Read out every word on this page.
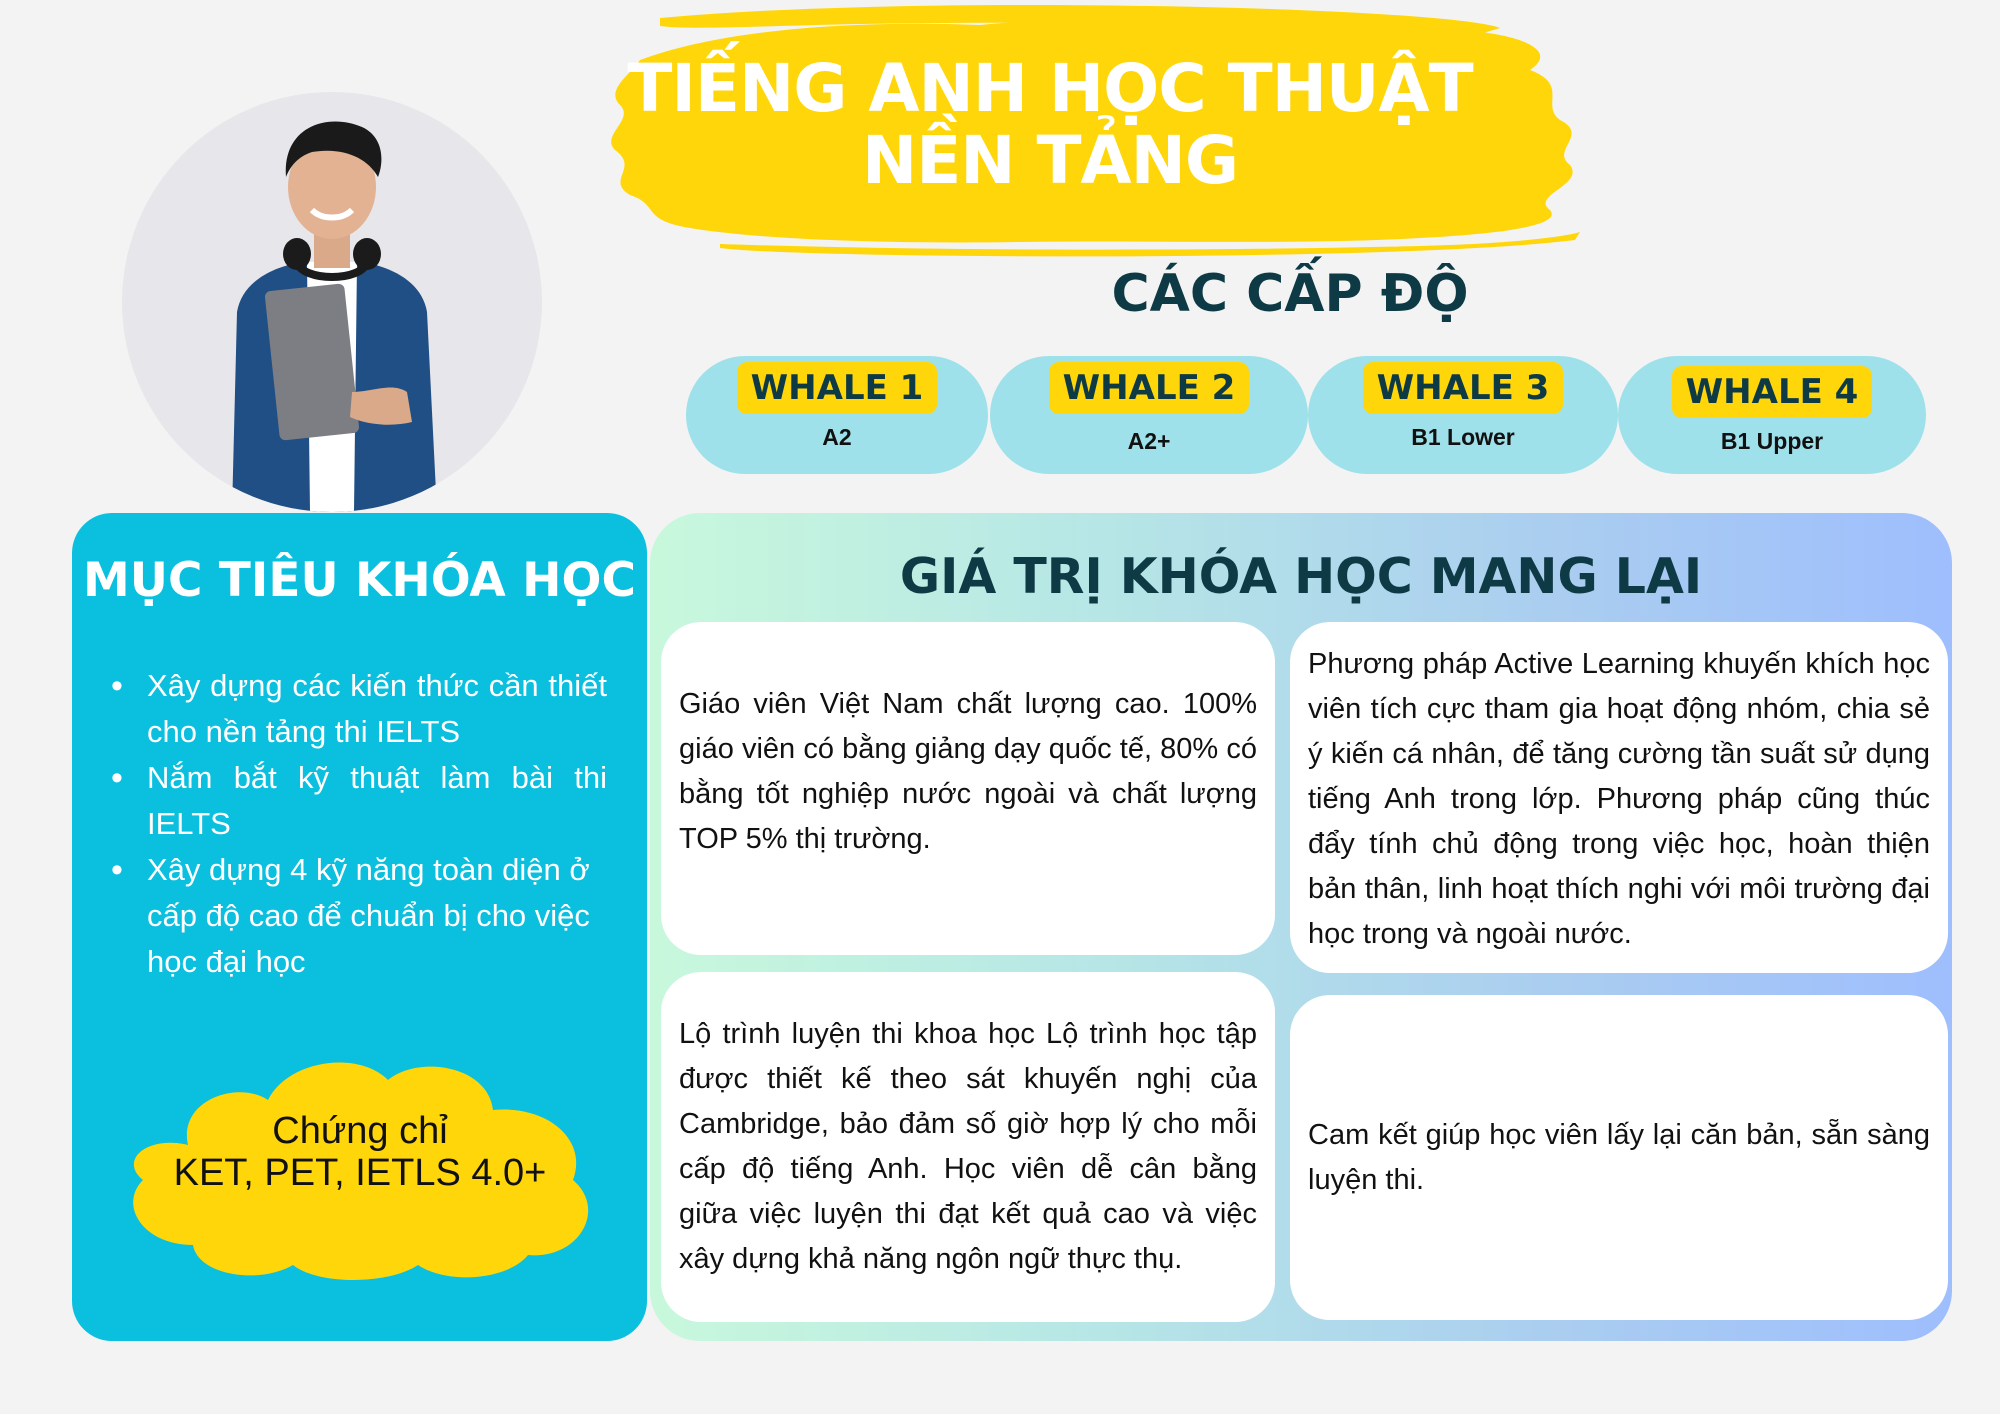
TIẾNG ANH HỌC THUẬT
NỀN TẢNG
CÁC CẤP ĐỘ
WHALE 1
A2
WHALE 2
A2+
WHALE 3
B1 Lower
WHALE 4
B1 Upper
MỤC TIÊU KHÓA HỌC
• Xây dựng các kiến thức cần thiết cho nền tảng thi IELTS
• Nắm bắt kỹ thuật làm bài thi IELTS
• Xây dựng 4 kỹ năng toàn diện ở cấp độ cao để chuẩn bị cho việc học đại học
Chứng chỉ
KET, PET, IETLS 4.0+
GIÁ TRỊ KHÓA HỌC MANG LẠI

Giáo viên Việt Nam chất lượng cao. 100% giáo viên có bằng giảng dạy quốc tế, 80% có bằng tốt nghiệp nước ngoài và chất lượng TOP 5% thị trường.

Phương pháp Active Learning khuyến khích học viên tích cực tham gia hoạt động nhóm, chia sẻ ý kiến cá nhân, để tăng cường tần suất sử dụng tiếng Anh trong lớp. Phương pháp cũng thúc đẩy tính chủ động trong việc học, hoàn thiện bản thân, linh hoạt thích nghi với môi trường đại học trong và ngoài nước.

Lộ trình luyện thi khoa học Lộ trình học tập được thiết kế theo sát khuyến nghị của Cambridge, bảo đảm số giờ hợp lý cho mỗi cấp độ tiếng Anh. Học viên dễ cân bằng giữa việc luyện thi đạt kết quả cao và việc xây dựng khả năng ngôn ngữ thực thụ.

Cam kết giúp học viên lấy lại căn bản, sẵn sàng luyện thi.
